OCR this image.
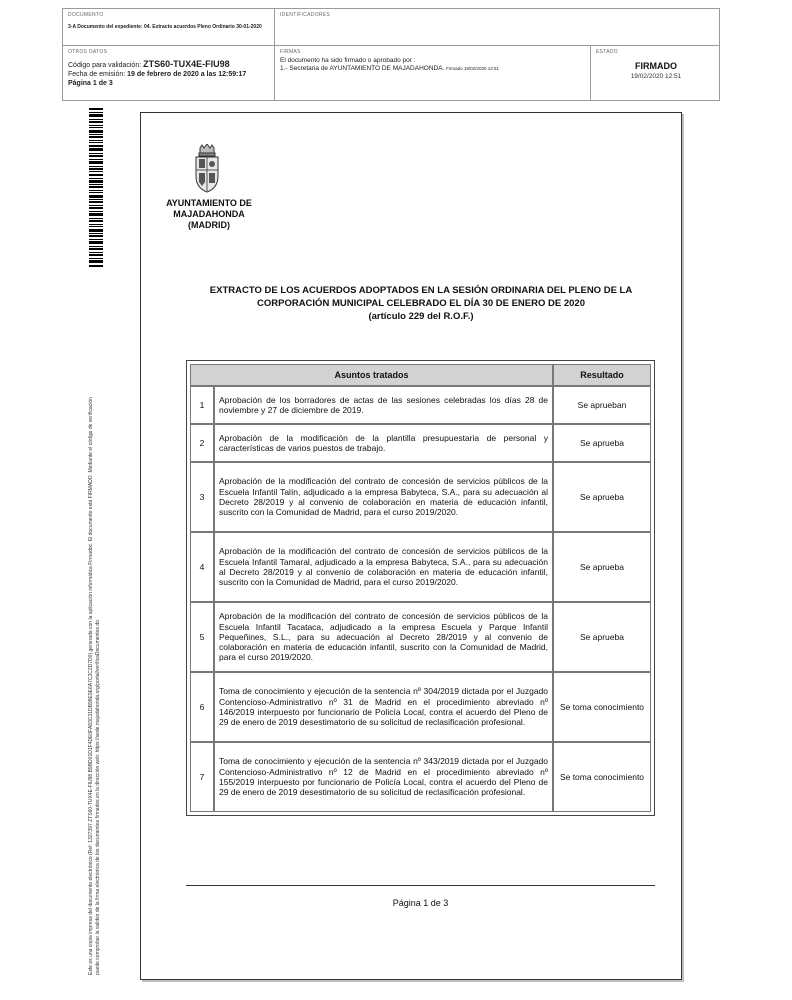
DOCUMENTO
3-A Documento del expediente: 04. Extracto acuerdos Pleno Ordinario 30-01-2020
IDENTIFICADORES
OTROS DATOS
Código para validación: ZTS60-TUX4E-FIU98
Fecha de emisión: 19 de febrero de 2020 a las 12:59:17
Página 1 de 3
FIRMAS
El documento ha sido firmado o aprobado por :
1.- Secretaria de AYUNTAMIENTO DE MAJADAHONDA. Firmado 19/02/2020 12:51
ESTADO
FIRMADO
19/02/2020 12:51
Este es una copia impresa del documento electrónico (Ref: 1327397 ZTS60-TUX4E-FIU98 B9BD01D1F4DE0FA83C31DB99E9E6A7C2C2D7D0) generada con la aplicación informática Firmadoc. El documento está FIRMADO. Mediante el código de verificación puede comprobar la validez de la firma electrónica de los documentos firmados en la dirección web: https://sede.majadahonda.org/portal/verificaDocumentos.do
AYUNTAMIENTO DE
MAJADAHONDA
(MADRID)
EXTRACTO DE LOS ACUERDOS ADOPTADOS EN LA SESIÓN ORDINARIA DEL PLENO DE LA
CORPORACIÓN MUNICIPAL CELEBRADO EL DÍA 30 DE ENERO DE 2020
(artículo 229 del R.O.F.)
Asuntos tratados		Resultado
1	Aprobación de los borradores de actas de las sesiones celebradas los días 28 de noviembre y 27 de diciembre de 2019.	Se aprueban
2	Aprobación de la modificación de la plantilla presupuestaria de personal y características de varios puestos de trabajo.	Se aprueba
3	Aprobación de la modificación del contrato de concesión de servicios públicos de la Escuela Infantil Talín, adjudicado a la empresa Babyteca, S.A., para su adecuación al Decreto 28/2019 y al convenio de colaboración en materia de educación infantil, suscrito con la Comunidad de Madrid, para el curso 2019/2020.	Se aprueba
4	Aprobación de la modificación del contrato de concesión de servicios públicos de la Escuela Infantil Tamaral, adjudicado a la empresa Babyteca, S.A., para su adecuación al Decreto 28/2019 y al convenio de colaboración en materia de educación infantil, suscrito con la Comunidad de Madrid, para el curso 2019/2020.	Se aprueba
5	Aprobación de la modificación del contrato de concesión de servicios públicos de la Escuela Infantil Tacataca, adjudicado a la empresa Escuela y Parque Infantil Pequeñines, S.L., para su adecuación al Decreto 28/2019 y al convenio de colaboración en materia de educación infantil, suscrito con la Comunidad de Madrid, para el curso 2019/2020.	Se aprueba
6	Toma de conocimiento y ejecución de la sentencia nº 304/2019 dictada por el Juzgado Contencioso-Administrativo nº 31 de Madrid en el procedimiento abreviado nº 146/2019 interpuesto por funcionario de Policía Local, contra el acuerdo del Pleno de 29 de enero de 2019 desestimatorio de su solicitud de reclasificación profesional.	Se toma conocimiento
7	Toma de conocimiento y ejecución de la sentencia nº 343/2019 dictada por el Juzgado Contencioso-Administrativo nº 12 de Madrid en el procedimiento abreviado nº 155/2019 interpuesto por funcionario de Policía Local, contra el acuerdo del Pleno de 29 de enero de 2019 desestimatorio de su solicitud de reclasificación profesional.	Se toma conocimiento
Página 1 de 3
